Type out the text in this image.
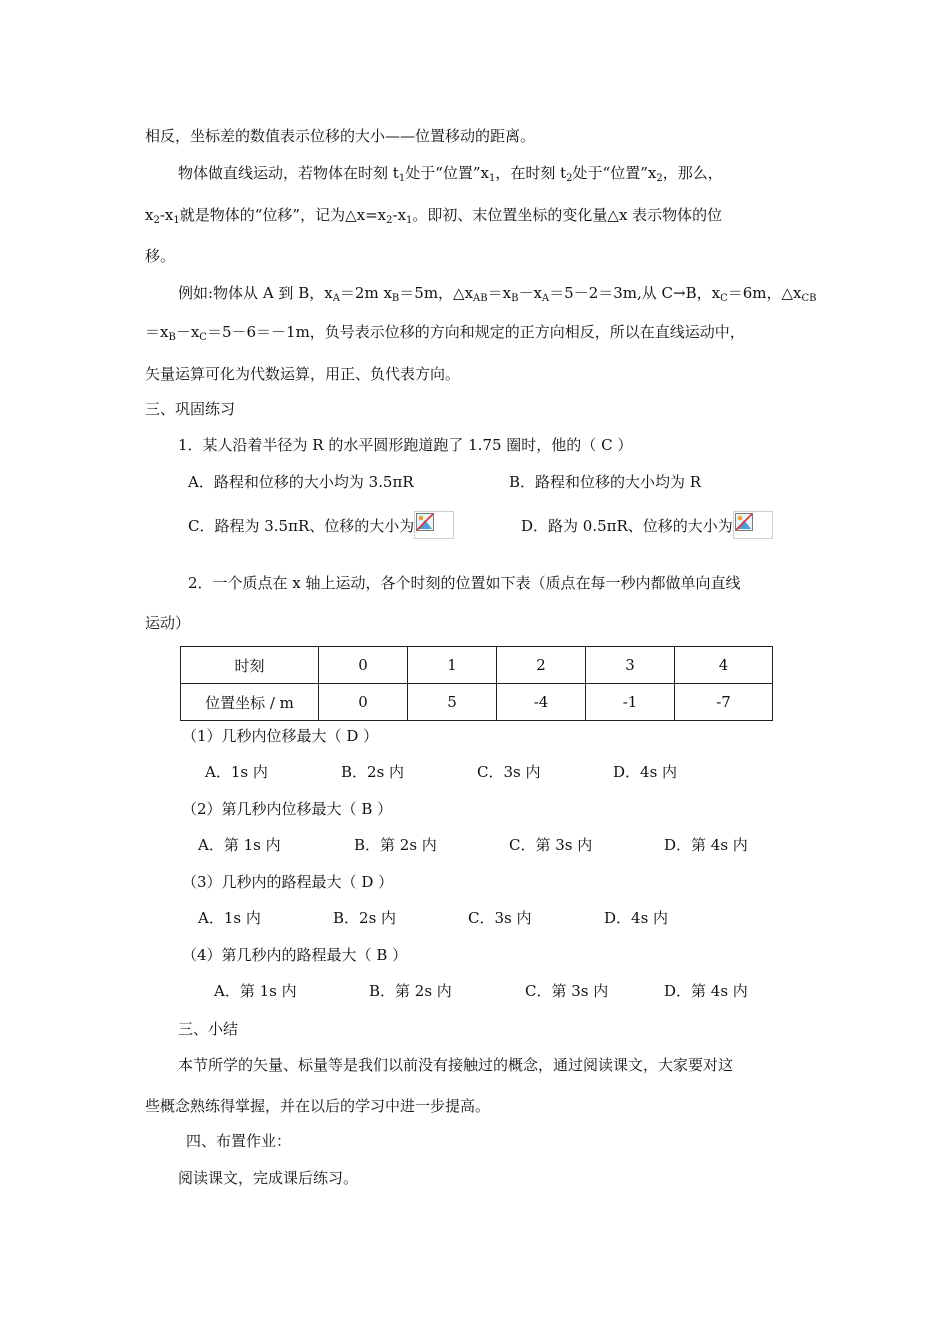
相反，坐标差的数值表示位移的大小——位置移动的距离。
物体做直线运动，若物体在时刻 $t_1$处于“位置$”x_1$，在时刻 $t_2$处于“位置$”x_2$，那么，
$x_2-x_1$就是物体的“位移”，记为$\triangle x=x_2-x_1$。即初、末位置坐标的变化量△x 表示物体的位
移。
例如:物体从 A 到 B，$x_A=2m$ $x_B=5m$，$\triangle x_{AB}=x_B-x_A=5-2=3m$,从 C→B，$x_C=6m$，$\triangle x_{CB}$
$=x_B-x_C=5-6=-1m$，负号表示位移的方向和规定的正方向相反，所以在直线运动中，
矢量运算可化为代数运算，用正、负代表方向。
三、巩固练习
1．某人沿着半径为 R 的水平圆形跑道跑了 1.75 圈时，他的（ C ）
A．路程和位移的大小均为 3.5πR	B．路程和位移的大小均为 R
C．路程为 3.5πR、位移的大小为	D．路为 0.5πR、位移的大小为
2．一个质点在 x 轴上运动，各个时刻的位置如下表（质点在每一秒内都做单向直线
运动）
时刻	0	1	2	3	4
位置坐标 / m	0	5	-4	-1	-7
（1）几秒内位移最大（ D ）
A．1s 内	B．2s 内	C．3s 内	D．4s 内
（2）第几秒内位移最大（ B ）
A．第 1s 内	B．第 2s 内	C．第 3s 内	D．第 4s 内
（3）几秒内的路程最大（ D ）
A．1s 内	B．2s 内	C．3s 内	D．4s 内
（4）第几秒内的路程最大（ B ）
A．第 1s 内	B．第 2s 内	C．第 3s 内	D．第 4s 内
三、小结
本节所学的矢量、标量等是我们以前没有接触过的概念，通过阅读课文，大家要对这
些概念熟练得掌握，并在以后的学习中进一步提高。
四、布置作业：
阅读课文，完成课后练习。
